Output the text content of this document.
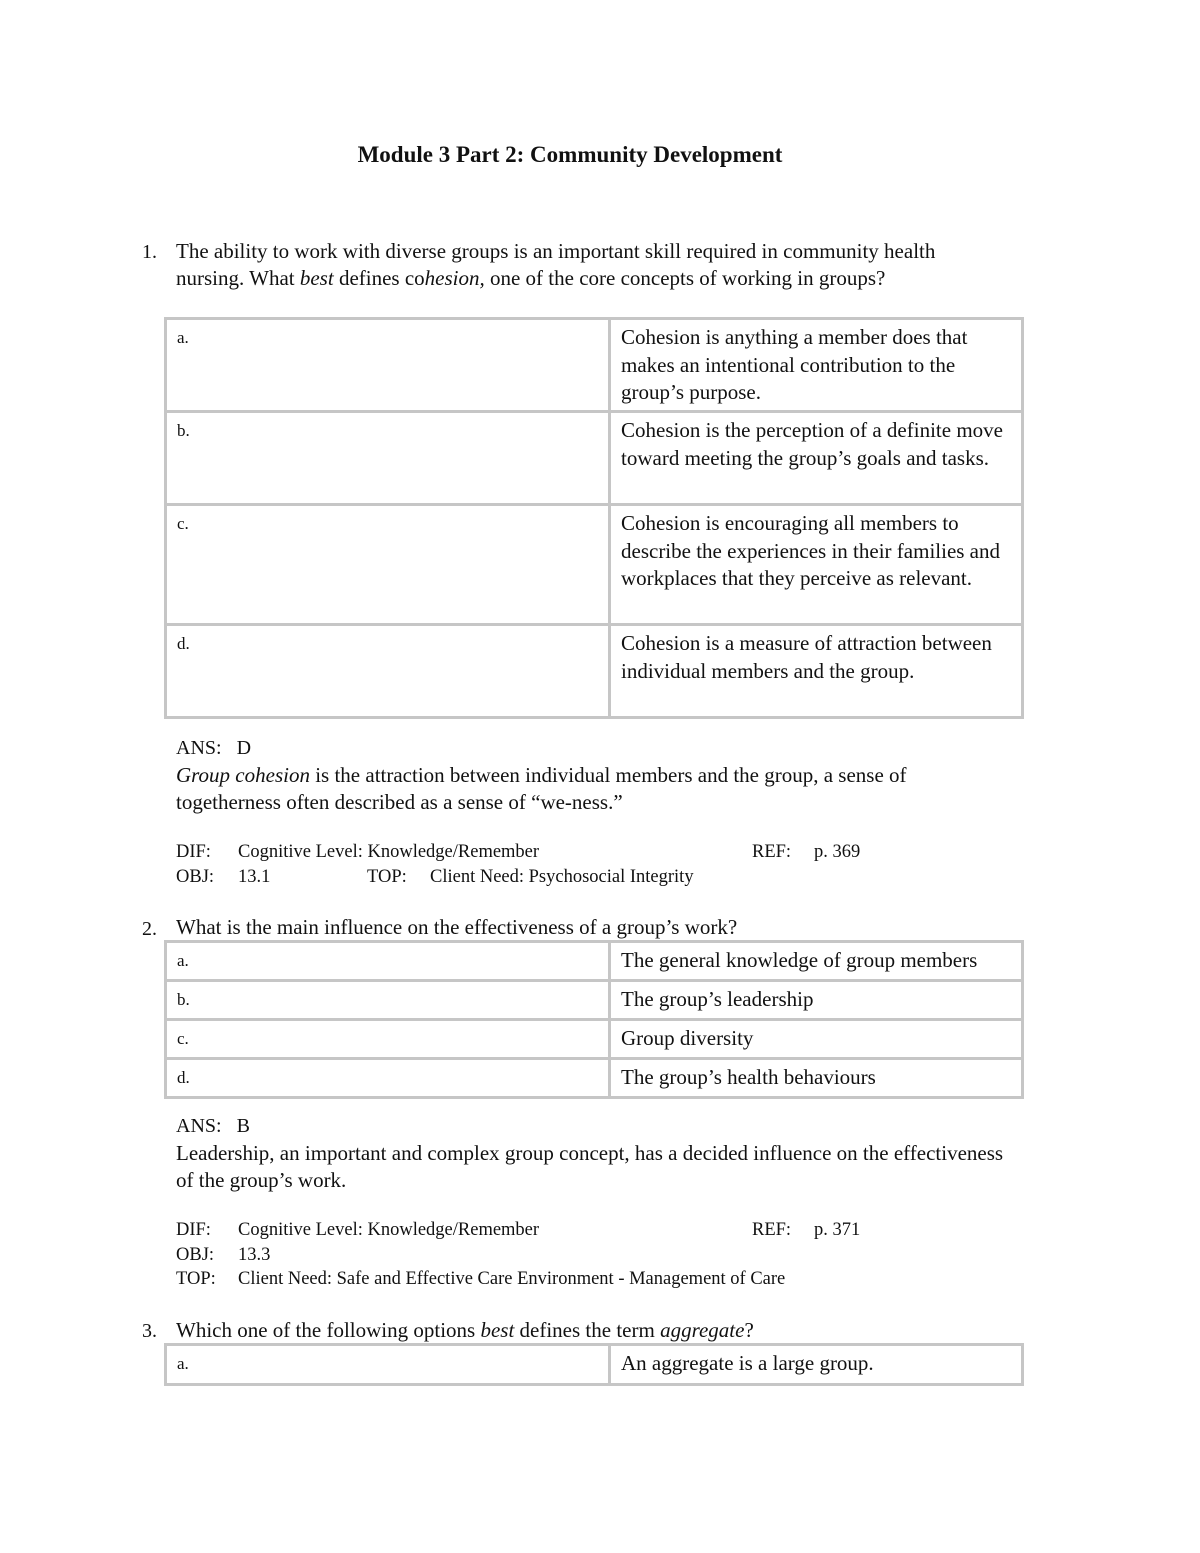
Module 3 Part 2: Community Development
1. The ability to work with diverse groups is an important skill required in community health nursing. What best defines cohesion, one of the core concepts of working in groups?
a.	Cohesion is anything a member does that makes an intentional contribution to the group’s purpose.
b.	Cohesion is the perception of a definite move toward meeting the group’s goals and tasks.
c.	Cohesion is encouraging all members to describe the experiences in their families and workplaces that they perceive as relevant.
d.	Cohesion is a measure of attraction between individual members and the group.
ANS: D
Group cohesion is the attraction between individual members and the group, a sense of togetherness often described as a sense of “we-ness.”
DIF: Cognitive Level: Knowledge/Remember	REF: p. 369
OBJ: 13.1	TOP: Client Need: Psychosocial Integrity
2. What is the main influence on the effectiveness of a group’s work?
a.	The general knowledge of group members
b.	The group’s leadership
c.	Group diversity
d.	The group’s health behaviours
ANS: B
Leadership, an important and complex group concept, has a decided influence on the effectiveness of the group’s work.
DIF: Cognitive Level: Knowledge/Remember	REF: p. 371
OBJ: 13.3
TOP: Client Need: Safe and Effective Care Environment - Management of Care
3. Which one of the following options best defines the term aggregate?
a.	An aggregate is a large group.
